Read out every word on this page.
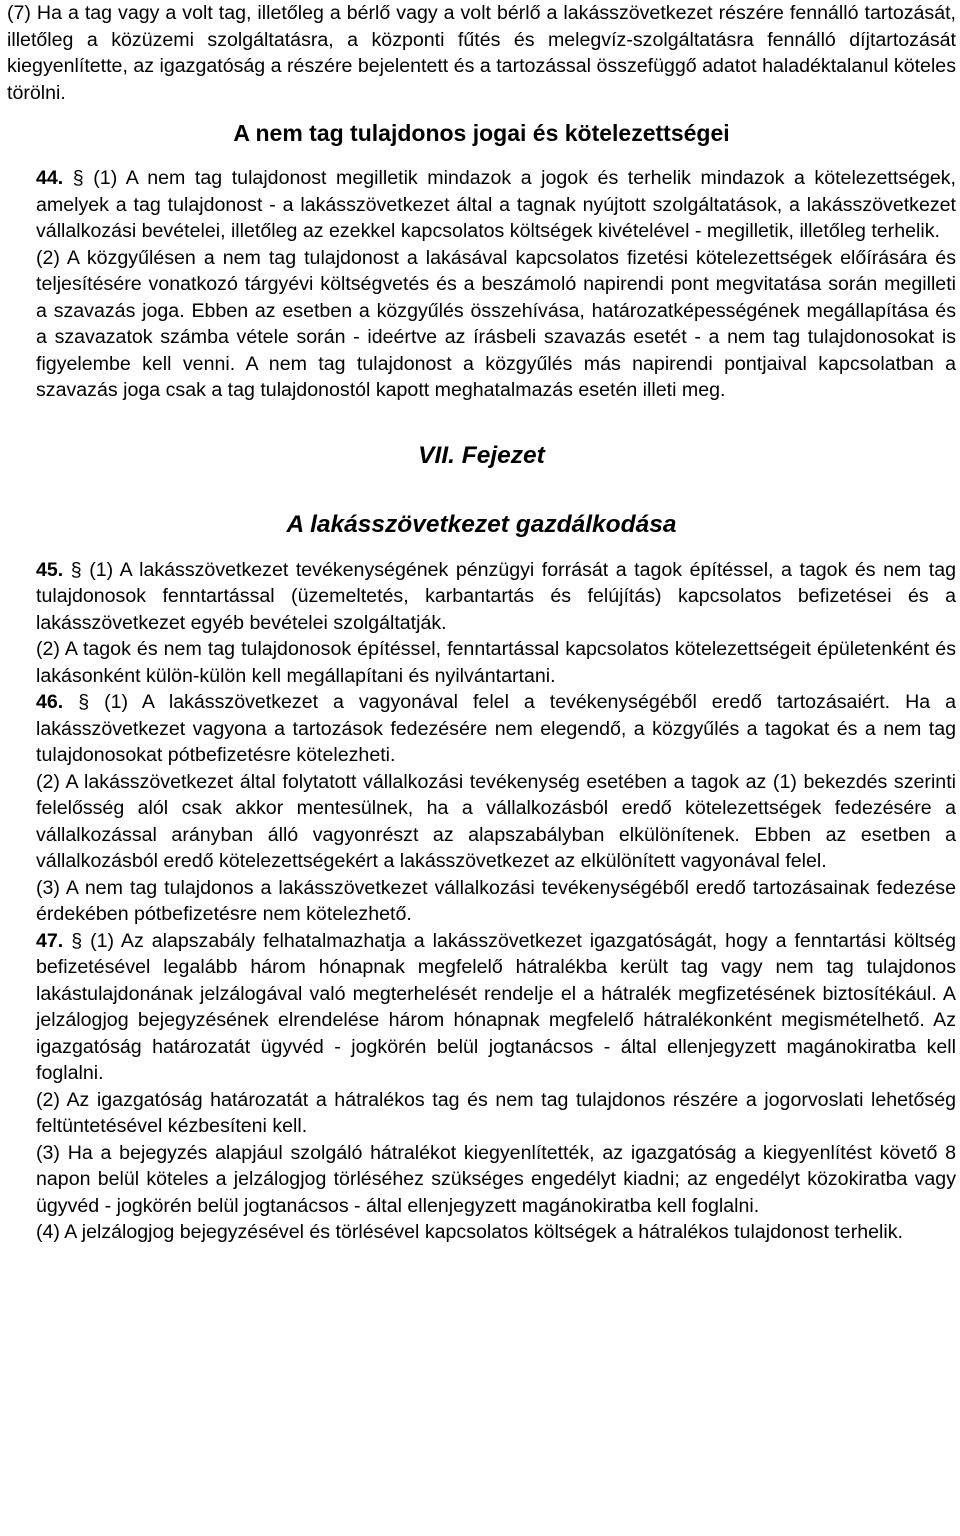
(7) Ha a tag vagy a volt tag, illetőleg a bérlő vagy a volt bérlő a lakásszövetkezet részére fennálló tartozását, illetőleg a közüzemi szolgáltatásra, a központi fűtés és melegvíz-szolgáltatásra fennálló díjtartozását kiegyenlítette, az igazgatóság a részére bejelentett és a tartozással összefüggő adatot haladéktalanul köteles törölni.

A nem tag tulajdonos jogai és kötelezettségei

44. § (1) A nem tag tulajdonost megilletik mindazok a jogok és terhelik mindazok a kötelezettségek, amelyek a tag tulajdonost - a lakásszövetkezet által a tagnak nyújtott szolgáltatások, a lakásszövetkezet vállalkozási bevételei, illetőleg az ezekkel kapcsolatos költségek kivételével - megilletik, illetőleg terhelik.

(2) A közgyűlésen a nem tag tulajdonost a lakásával kapcsolatos fizetési kötelezettségek előírására és teljesítésére vonatkozó tárgyévi költségvetés és a beszámoló napirendi pont megvitatása során megilleti a szavazás joga. Ebben az esetben a közgyűlés összehívása, határozatképességének megállapítása és a szavazatok számba vétele során - ideértve az írásbeli szavazás esetét - a nem tag tulajdonosokat is figyelembe kell venni. A nem tag tulajdonost a közgyűlés más napirendi pontjaival kapcsolatban a szavazás joga csak a tag tulajdonostól kapott meghatalmazás esetén illeti meg.

VII. Fejezet
A lakásszövetkezet gazdálkodása

45. § (1) A lakásszövetkezet tevékenységének pénzügyi forrását a tagok építéssel, a tagok és nem tag tulajdonosok fenntartással (üzemeltetés, karbantartás és felújítás) kapcsolatos befizetései és a lakásszövetkezet egyéb bevételei szolgáltatják.

(2) A tagok és nem tag tulajdonosok építéssel, fenntartással kapcsolatos kötelezettségeit épületenként és lakásonként külön-külön kell megállapítani és nyilvántartani.

46. § (1) A lakásszövetkezet a vagyonával felel a tevékenységéből eredő tartozásaiért. Ha a lakásszövetkezet vagyona a tartozások fedezésére nem elegendő, a közgyűlés a tagokat és a nem tag tulajdonosokat pótbefizetésre kötelezheti.

(2) A lakásszövetkezet által folytatott vállalkozási tevékenység esetében a tagok az (1) bekezdés szerinti felelősség alól csak akkor mentesülnek, ha a vállalkozásból eredő kötelezettségek fedezésére a vállalkozással arányban álló vagyonrészt az alapszabályban elkülönítenek. Ebben az esetben a vállalkozásból eredő kötelezettségekért a lakásszövetkezet az elkülönített vagyonával felel.

(3) A nem tag tulajdonos a lakásszövetkezet vállalkozási tevékenységéből eredő tartozásainak fedezése érdekében pótbefizetésre nem kötelezhető.

47. § (1) Az alapszabály felhatalmazhatja a lakásszövetkezet igazgatóságát, hogy a fenntartási költség befizetésével legalább három hónapnak megfelelő hátralékba került tag vagy nem tag tulajdonos lakástulajdonának jelzálogával való megterhelését rendelje el a hátralék megfizetésének biztosítékául. A jelzálogjog bejegyzésének elrendelése három hónapnak megfelelő hátralékonként megismételhető. Az igazgatóság határozatát ügyvéd - jogkörén belül jogtanácsos - által ellenjegyzett magánokiratba kell foglalni.

(2) Az igazgatóság határozatát a hátralékos tag és nem tag tulajdonos részére a jogorvoslati lehetőség feltüntetésével kézbesíteni kell.

(3) Ha a bejegyzés alapjául szolgáló hátralékot kiegyenlítették, az igazgatóság a kiegyenlítést követő 8 napon belül köteles a jelzálogjog törléséhez szükséges engedélyt kiadni; az engedélyt közokiratba vagy ügyvéd - jogkörén belül jogtanácsos - által ellenjegyzett magánokiratba kell foglalni.

(4) A jelzálogjog bejegyzésével és törlésével kapcsolatos költségek a hátralékos tulajdonost terhelik.
